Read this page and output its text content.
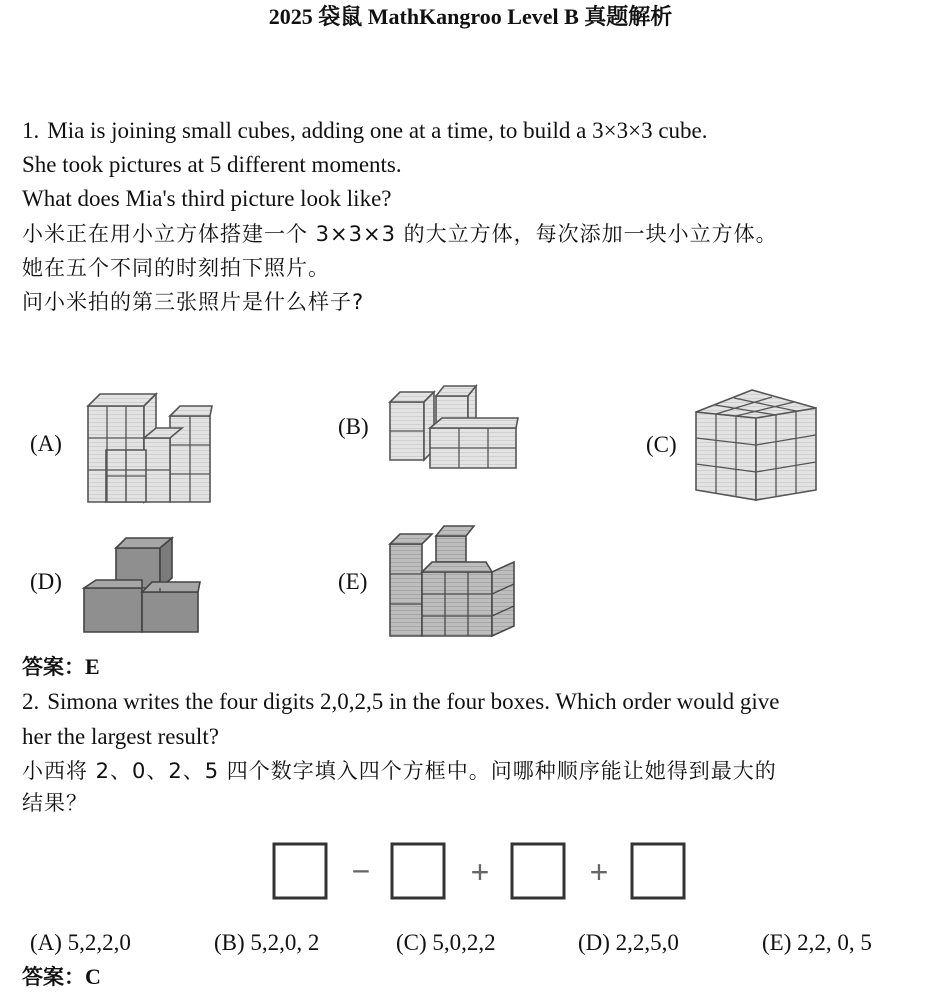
2025 袋鼠 MathKangroo Level B 真题解析
1. Mia is joining small cubes, adding one at a time, to build a 3×3×3 cube.
She took pictures at 5 different moments.
What does Mia's third picture look like?
小米正在用小立方体搭建一个 3×3×3 的大立方体，每次添加一块小立方体。
她在五个不同的时刻拍下照片。
问小米拍的第三张照片是什么样子?
(A)
(B)
(C)
(D)	(E)
答案：E
2. Simona writes the four digits 2,0,2,5 in the four boxes. Which order would give
her the largest result?
小西将 2、0、2、5 四个数字填入四个方框中。问哪种顺序能让她得到最大的
结果？
−	+	+
(A) 5,2,2,0	(B) 5,2,0, 2	(C) 5,0,2,2	(D) 2,2,5,0	(E) 2,2, 0, 5
答案：C
